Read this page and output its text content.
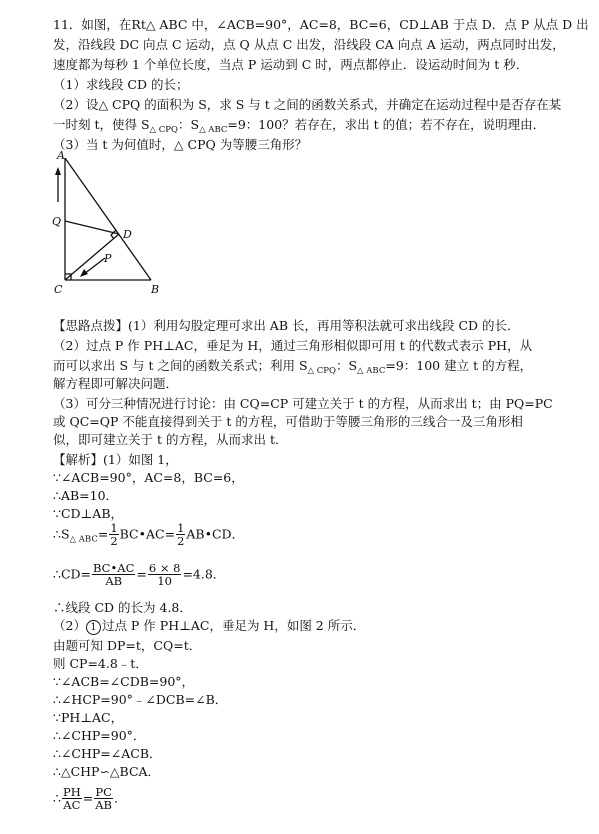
11．如图，在Rt△ ABC 中，∠ACB=90°，AC=8，BC=6，CD⊥AB 于点 D．点 P 从点 D 出
发，沿线段 DC 向点 C 运动，点 Q 从点 C 出发，沿线段 CA 向点 A 运动，两点同时出发，
速度都为每秒 1 个单位长度，当点 P 运动到 C 时，两点都停止．设运动时间为 t 秒．
（1）求线段 CD 的长；
（2）设△ CPQ 的面积为 S，求 S 与 t 之间的函数关系式，并确定在运动过程中是否存在某
一时刻 t，使得 $S_{\triangle CPQ}$：$S_{\triangle ABC}=9$：100？若存在，求出 t 的值；若不存在，说明理由．
（3）当 t 为何值时，△ CPQ 为等腰三角形？
A
Q
D
P
C	B
【思路点拨】(1）利用勾股定理可求出 AB 长，再用等积法就可求出线段 CD 的长．
（2）过点 P 作 PH⊥AC，垂足为 H，通过三角形相似即可用 t 的代数式表示 PH，从
而可以求出 S 与 t 之间的函数关系式；利用 $S_{\triangle CPQ}$：$S_{\triangle ABC}=9$：100 建立 t 的方程，
解方程即可解决问题．
（3）可分三种情况进行讨论：由 CQ=CP 可建立关于 t 的方程，从而求出 t；由 PQ=PC
或 QC=QP 不能直接得到关于 t 的方程，可借助于等腰三角形的三线合一及三角形相
似，即可建立关于 t 的方程，从而求出 t．
【解析】(1）如图 1，
∵∠ACB=90°，AC=8，BC=6，
∴AB=10．
∵CD⊥AB，
$\therefore S_{\triangle ABC}= \frac{1}{2}$ BC•AC= $\frac{1}{2}$ AB•CD．
∴CD= $\frac{BC•AC}{AB} = \frac{6 \times 8}{10} =4.8$．
∴线段 CD 的长为 4.8．
（2） 1 过点 P 作 PH⊥AC，垂足为 H，如图 2 所示．
由题可知 DP=t，CQ=t．
则 CP=4.8﹣t．
∵∠ACB=∠CDB=90°，
∴∠HCP=90°﹣∠DCB=∠B．
∵PH⊥AC，
∴∠CHP=90°．
∴∠CHP=∠ACB．
∴△CHP∽△BCA．
∴ $\frac{PH}{AC} = \frac{PC}{AB}$ ．
